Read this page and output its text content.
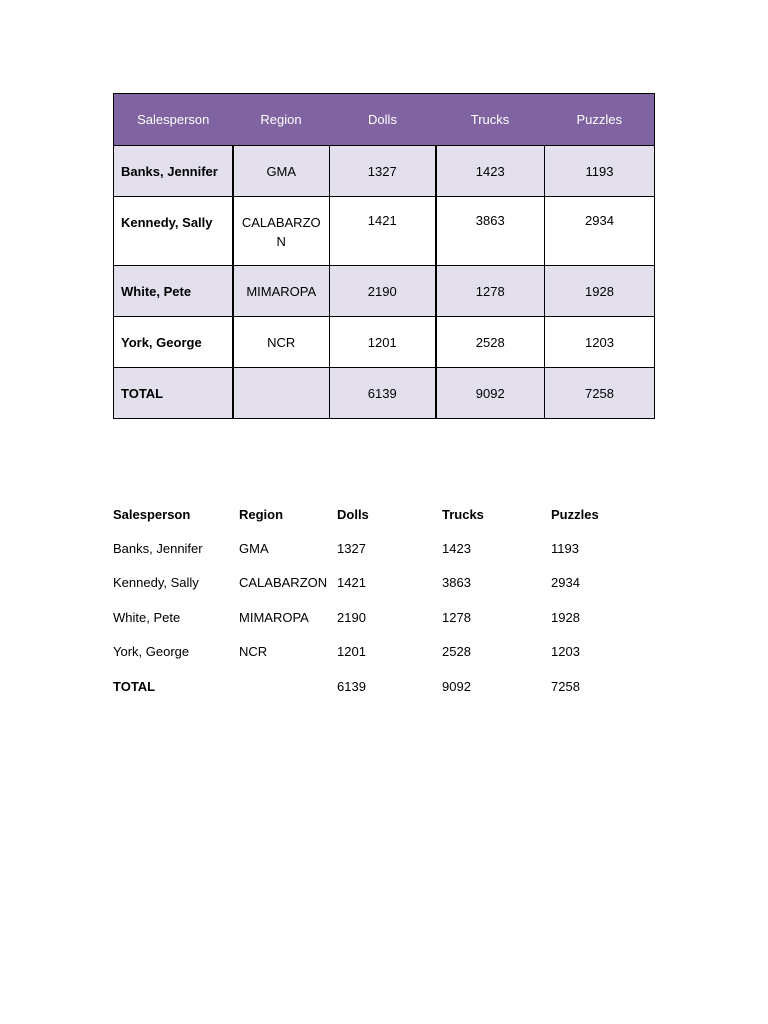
Salesperson	Region	Dolls	Trucks	Puzzles
Banks, Jennifer	GMA	1327	1423	1193
Kennedy, Sally	CALABARZON	1421	3863	2934
White, Pete	MIMAROPA	2190	1278	1928
York, George	NCR	1201	2528	1203
TOTAL		6139	9092	7258
Salesperson	Region	Dolls	Trucks	Puzzles
Banks, Jennifer	GMA	1327	1423	1193
Kennedy, Sally	CALABARZON	1421	3863	2934
White, Pete	MIMAROPA	2190	1278	1928
York, George	NCR	1201	2528	1203
TOTAL		6139	9092	7258
